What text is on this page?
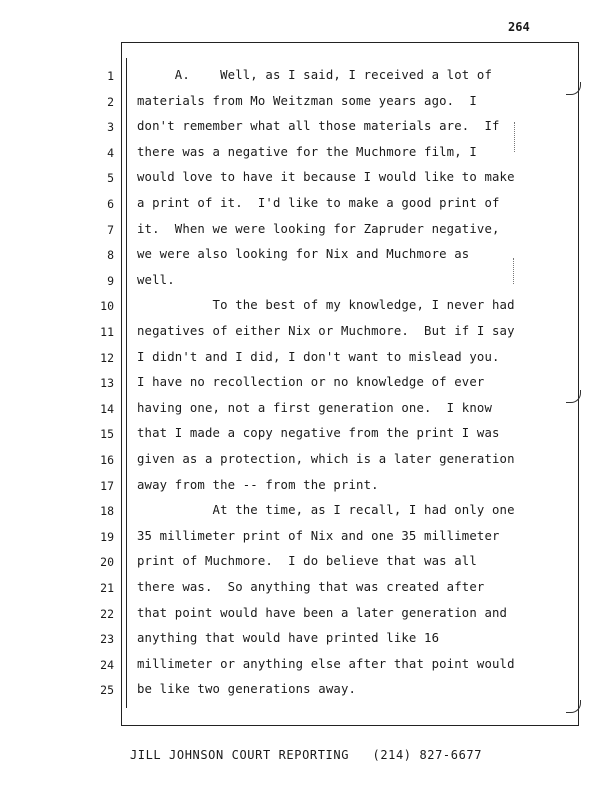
264
1 A.    Well, as I said, I received a lot of
2 materials from Mo Weitzman some years ago.  I
3 don't remember what all those materials are.  If
4 there was a negative for the Muchmore film, I
5 would love to have it because I would like to make
6 a print of it.  I'd like to make a good print of
7 it.  When we were looking for Zapruder negative,
8 we were also looking for Nix and Muchmore as
9 well.
10 To the best of my knowledge, I never had
11 negatives of either Nix or Muchmore.  But if I say
12 I didn't and I did, I don't want to mislead you.
13 I have no recollection or no knowledge of ever
14 having one, not a first generation one.  I know
15 that I made a copy negative from the print I was
16 given as a protection, which is a later generation
17 away from the -- from the print.
18 At the time, as I recall, I had only one
19 35 millimeter print of Nix and one 35 millimeter
20 print of Muchmore.  I do believe that was all
21 there was.  So anything that was created after
22 that point would have been a later generation and
23 anything that would have printed like 16
24 millimeter or anything else after that point would
25 be like two generations away.
JILL JOHNSON COURT REPORTING   (214) 827-6677
